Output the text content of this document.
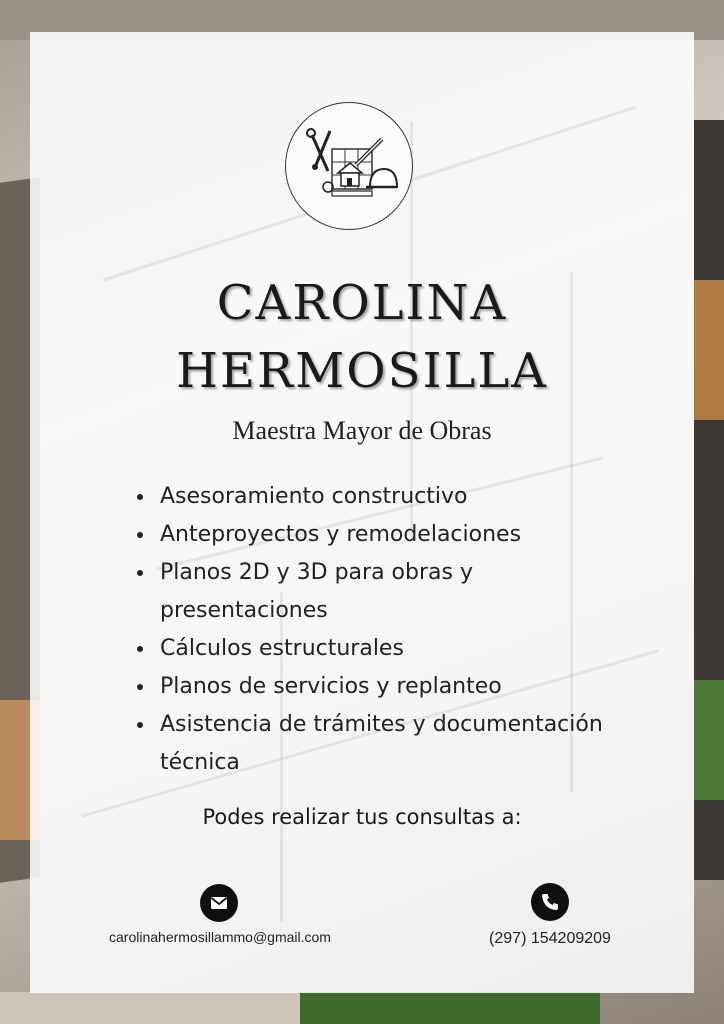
CAROLINA
HERMOSILLA
Maestra Mayor de Obras
• Asesoramiento constructivo
• Anteproyectos y remodelaciones
• Planos 2D y 3D para obras y presentaciones
• Cálculos estructurales
• Planos de servicios y replanteo
• Asistencia de trámites y documentación técnica
Podes realizar tus consultas a:
carolinahermosillammo@gmail.com	(297) 154209209
